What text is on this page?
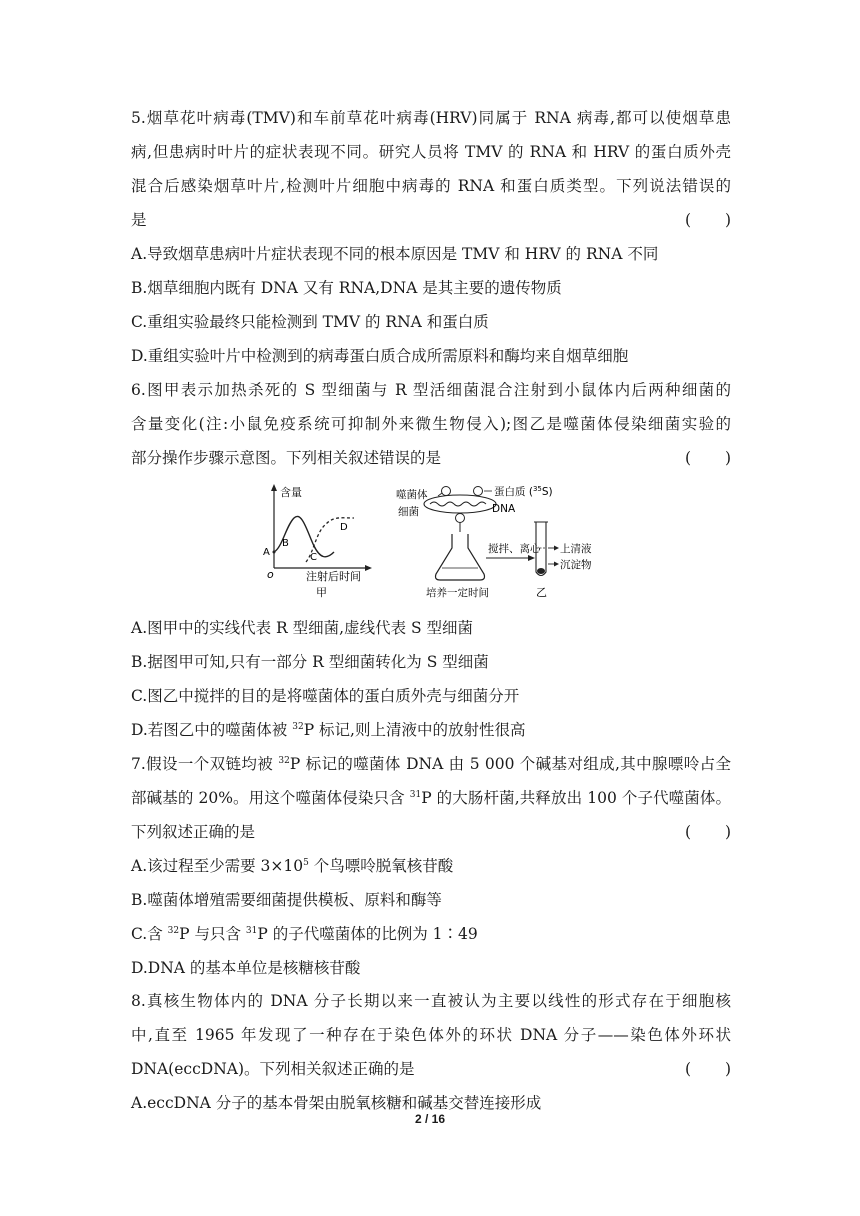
5.烟草花叶病毒(TMV)和车前草花叶病毒(HRV)同属于 RNA 病毒,都可以使烟草患
病,但患病时叶片的症状表现不同。研究人员将 TMV 的 RNA 和 HRV 的蛋白质外壳
混合后感染烟草叶片,检测叶片细胞中病毒的 RNA 和蛋白质类型。下列说法错误的
是	( )
A.导致烟草患病叶片症状表现不同的根本原因是 TMV 和 HRV 的 RNA 不同
B.烟草细胞内既有 DNA 又有 RNA,DNA 是其主要的遗传物质
C.重组实验最终只能检测到 TMV 的 RNA 和蛋白质
D.重组实验叶片中检测到的病毒蛋白质合成所需原料和酶均来自烟草细胞
6.图甲表示加热杀死的 S 型细菌与 R 型活细菌混合注射到小鼠体内后两种细菌的
含量变化(注:小鼠免疫系统可抑制外来微生物侵入);图乙是噬菌体侵染细菌实验的
部分操作步骤示意图。下列相关叙述错误的是	( )
含量
A
B
C
D
o	注射后时间
甲
噬菌体
细菌
蛋白质 ($^{35}$S)
DNA
培养一定时间
搅拌、离心 上清液
沉淀物
乙
A.图甲中的实线代表 R 型细菌,虚线代表 S 型细菌
B.据图甲可知,只有一部分 R 型细菌转化为 S 型细菌
C.图乙中搅拌的目的是将噬菌体的蛋白质外壳与细菌分开
D.若图乙中的噬菌体被 $^{32}$P 标记,则上清液中的放射性很高
7.假设一个双链均被 $^{32}$P 标记的噬菌体 DNA 由 5 000 个碱基对组成,其中腺嘌呤占全
部碱基的 20%。用这个噬菌体侵染只含 $^{31}$P 的大肠杆菌,共释放出 100 个子代噬菌体。
下列叙述正确的是	( )
A.该过程至少需要 $3\times 10^5$ 个鸟嘌呤脱氧核苷酸
B.噬菌体增殖需要细菌提供模板、原料和酶等
C.含 $^{32}$P 与只含 $^{31}$P 的子代噬菌体的比例为 1∶49
D.DNA 的基本单位是核糖核苷酸
8.真核生物体内的 DNA 分子长期以来一直被认为主要以线性的形式存在于细胞核
中,直至 1965 年发现了一种存在于染色体外的环状 DNA 分子——染色体外环状
DNA(eccDNA)。下列相关叙述正确的是	( )
A.eccDNA 分子的基本骨架由脱氧核糖和碱基交替连接形成
2 / 16
